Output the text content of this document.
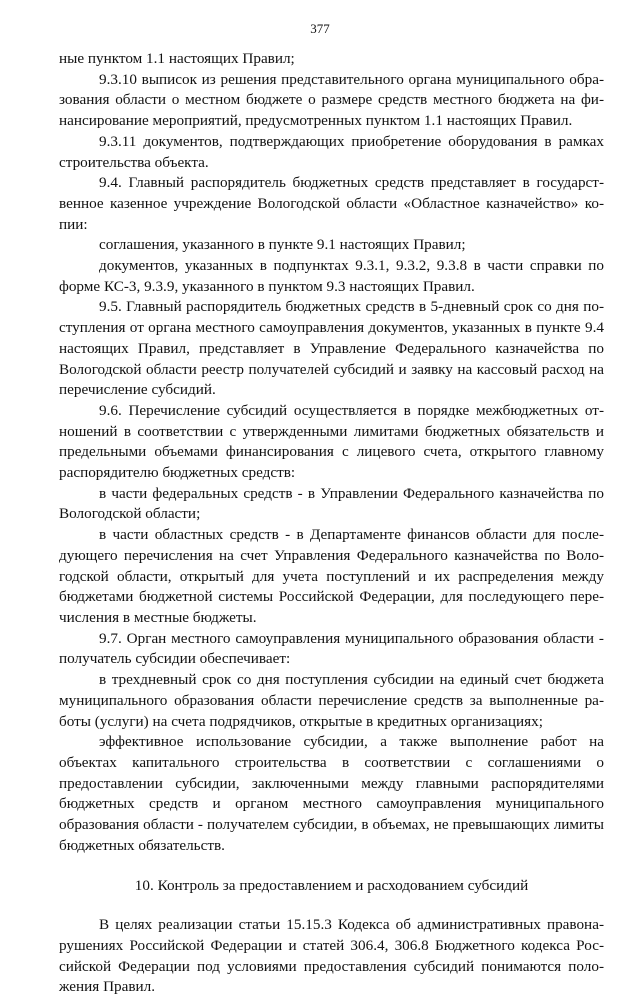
377

ные пунктом 1.1 настоящих Правил;

9.3.10 выписок из решения представительного органа муниципального образования области о местном бюджете о размере средств местного бюджета на финансирование мероприятий, предусмотренных пунктом 1.1 настоящих Правил.

9.3.11 документов, подтверждающих приобретение оборудования в рамках строительства объекта.

9.4. Главный распорядитель бюджетных средств представляет в государственное казенное учреждение Вологодской области «Областное казначейство» копии:

соглашения, указанного в пункте 9.1 настоящих Правил;

документов, указанных в подпунктах 9.3.1, 9.3.2, 9.3.8 в части справки по форме КС-3, 9.3.9, указанного в пунктом 9.3 настоящих Правил.

9.5. Главный распорядитель бюджетных средств в 5-дневный срок со дня поступления от органа местного самоуправления документов, указанных в пункте 9.4 настоящих Правил, представляет в Управление Федерального казначейства по Вологодской области реестр получателей субсидий и заявку на кассовый расход на перечисление субсидий.

9.6. Перечисление субсидий осуществляется в порядке межбюджетных отношений в соответствии с утвержденными лимитами бюджетных обязательств и предельными объемами финансирования с лицевого счета, открытого главному распорядителю бюджетных средств:

в части федеральных средств - в Управлении Федерального казначейства по Вологодской области;

в части областных средств - в Департаменте финансов области для последующего перечисления на счет Управления Федерального казначейства по Вологодской области, открытый для учета поступлений и их распределения между бюджетами бюджетной системы Российской Федерации, для последующего перечисления в местные бюджеты.

9.7. Орган местного самоуправления муниципального образования области - получатель субсидии обеспечивает:

в трехдневный срок со дня поступления субсидии на единый счет бюджета муниципального образования области перечисление средств за выполненные работы (услуги) на счета подрядчиков, открытые в кредитных организациях;

эффективное использование субсидии, а также выполнение работ на объектах капитального строительства в соответствии с соглашениями о предоставлении субсидии, заключенными между главными распорядителями бюджетных средств и органом местного самоуправления муниципального образования области - получателем субсидии, в объемах, не превышающих лимиты бюджетных обязательств.

10. Контроль за предоставлением и расходованием субсидий

В целях реализации статьи 15.15.3 Кодекса об административных правонарушениях Российской Федерации и статей 306.4, 306.8 Бюджетного кодекса Российской Федерации под условиями предоставления субсидий понимаются положения Правил.
